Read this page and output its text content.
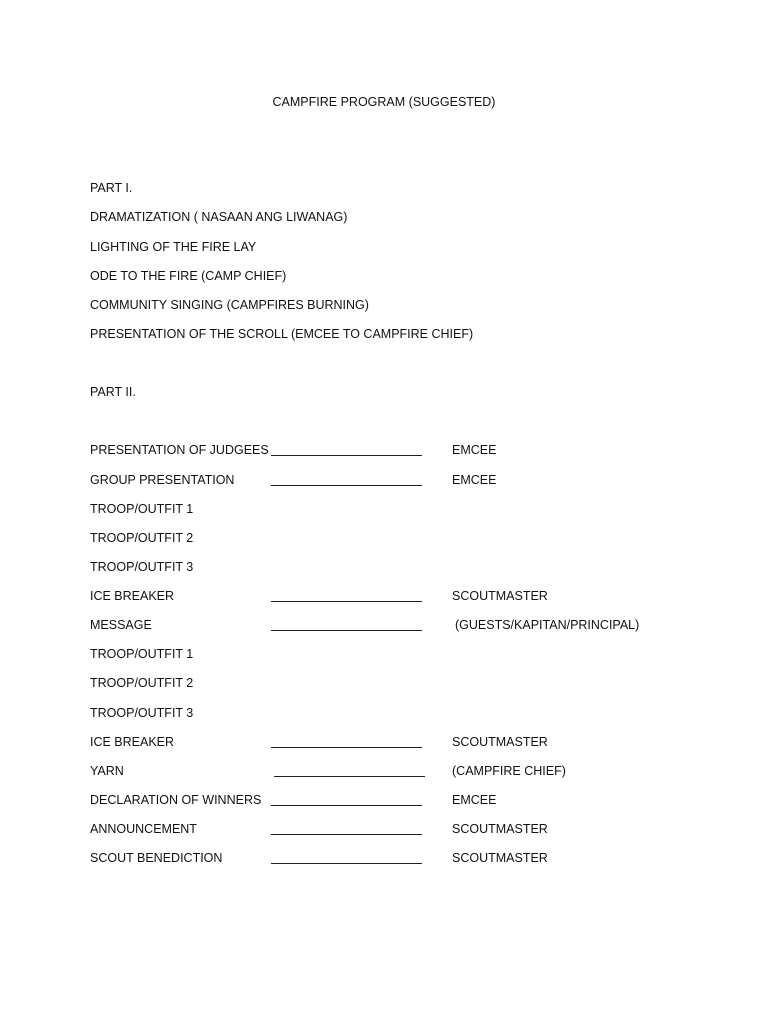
CAMPFIRE PROGRAM (SUGGESTED)
PART I.
DRAMATIZATION ( NASAAN ANG LIWANAG)
LIGHTING OF THE FIRE LAY
ODE TO THE FIRE (CAMP CHIEF)
COMMUNITY SINGING (CAMPFIRES BURNING)
PRESENTATION OF THE SCROLL (EMCEE TO CAMPFIRE CHIEF)
PART II.
PRESENTATION OF JUDGEES	EMCEE
GROUP PRESENTATION	EMCEE
TROOP/OUTFIT 1
TROOP/OUTFIT 2
TROOP/OUTFIT 3
ICE BREAKER	SCOUTMASTER
MESSAGE	(GUESTS/KAPITAN/PRINCIPAL)
TROOP/OUTFIT 1
TROOP/OUTFIT 2
TROOP/OUTFIT 3
ICE BREAKER	SCOUTMASTER
YARN	(CAMPFIRE CHIEF)
DECLARATION OF WINNERS	EMCEE
ANNOUNCEMENT	SCOUTMASTER
SCOUT BENEDICTION	SCOUTMASTER
